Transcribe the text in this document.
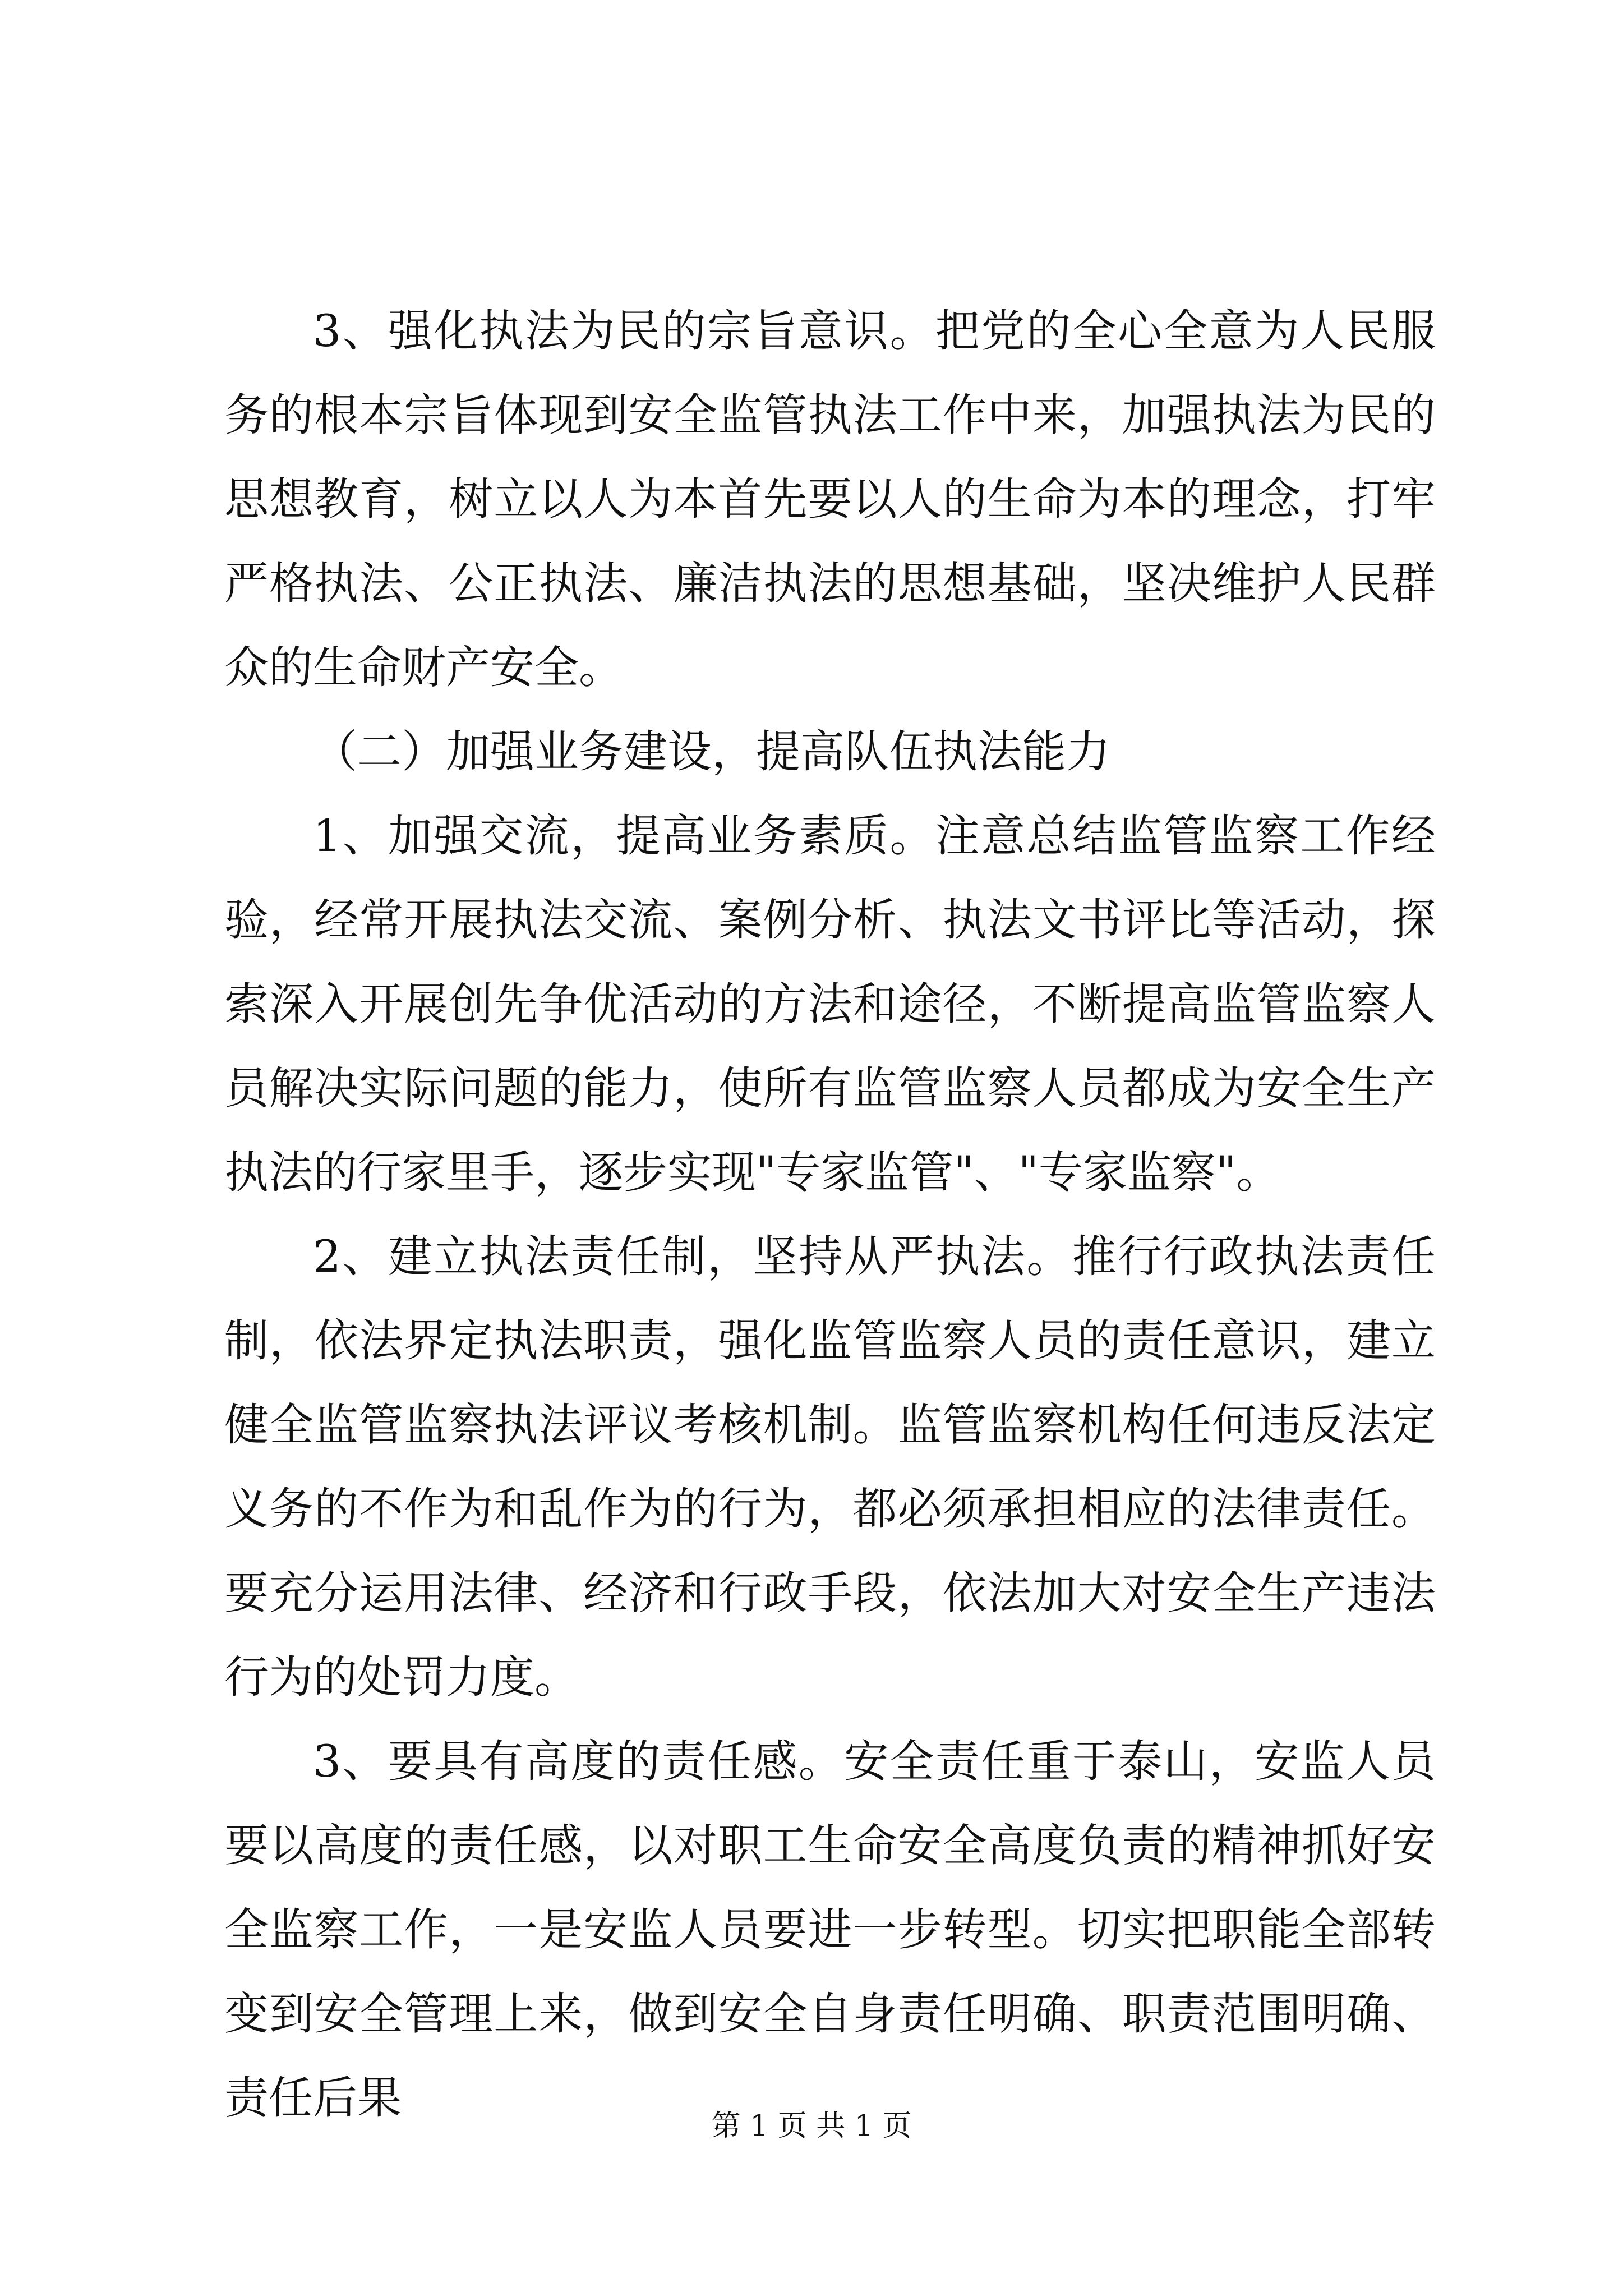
3、强化执法为民的宗旨意识。把党的全心全意为人民服务的根本宗旨体现到安全监管执法工作中来，加强执法为民的思想教育，树立以人为本首先要以人的生命为本的理念，打牢严格执法、公正执法、廉洁执法的思想基础，坚决维护人民群众的生命财产安全。

（二）加强业务建设，提高队伍执法能力

1、加强交流，提高业务素质。注意总结监管监察工作经验，经常开展执法交流、案例分析、执法文书评比等活动，探索深入开展创先争优活动的方法和途径，不断提高监管监察人员解决实际问题的能力，使所有监管监察人员都成为安全生产执法的行家里手，逐步实现"专家监管"、"专家监察"。

2、建立执法责任制，坚持从严执法。推行行政执法责任制，依法界定执法职责，强化监管监察人员的责任意识，建立健全监管监察执法评议考核机制。监管监察机构任何违反法定义务的不作为和乱作为的行为，都必须承担相应的法律责任。要充分运用法律、经济和行政手段，依法加大对安全生产违法行为的处罚力度。

3、要具有高度的责任感。安全责任重于泰山，安监人员要以高度的责任感，以对职工生命安全高度负责的精神抓好安全监察工作，一是安监人员要进一步转型。切实把职能全部转变到安全管理上来，做到安全自身责任明确、职责范围明确、责任后果

第 1 页 共 1 页
